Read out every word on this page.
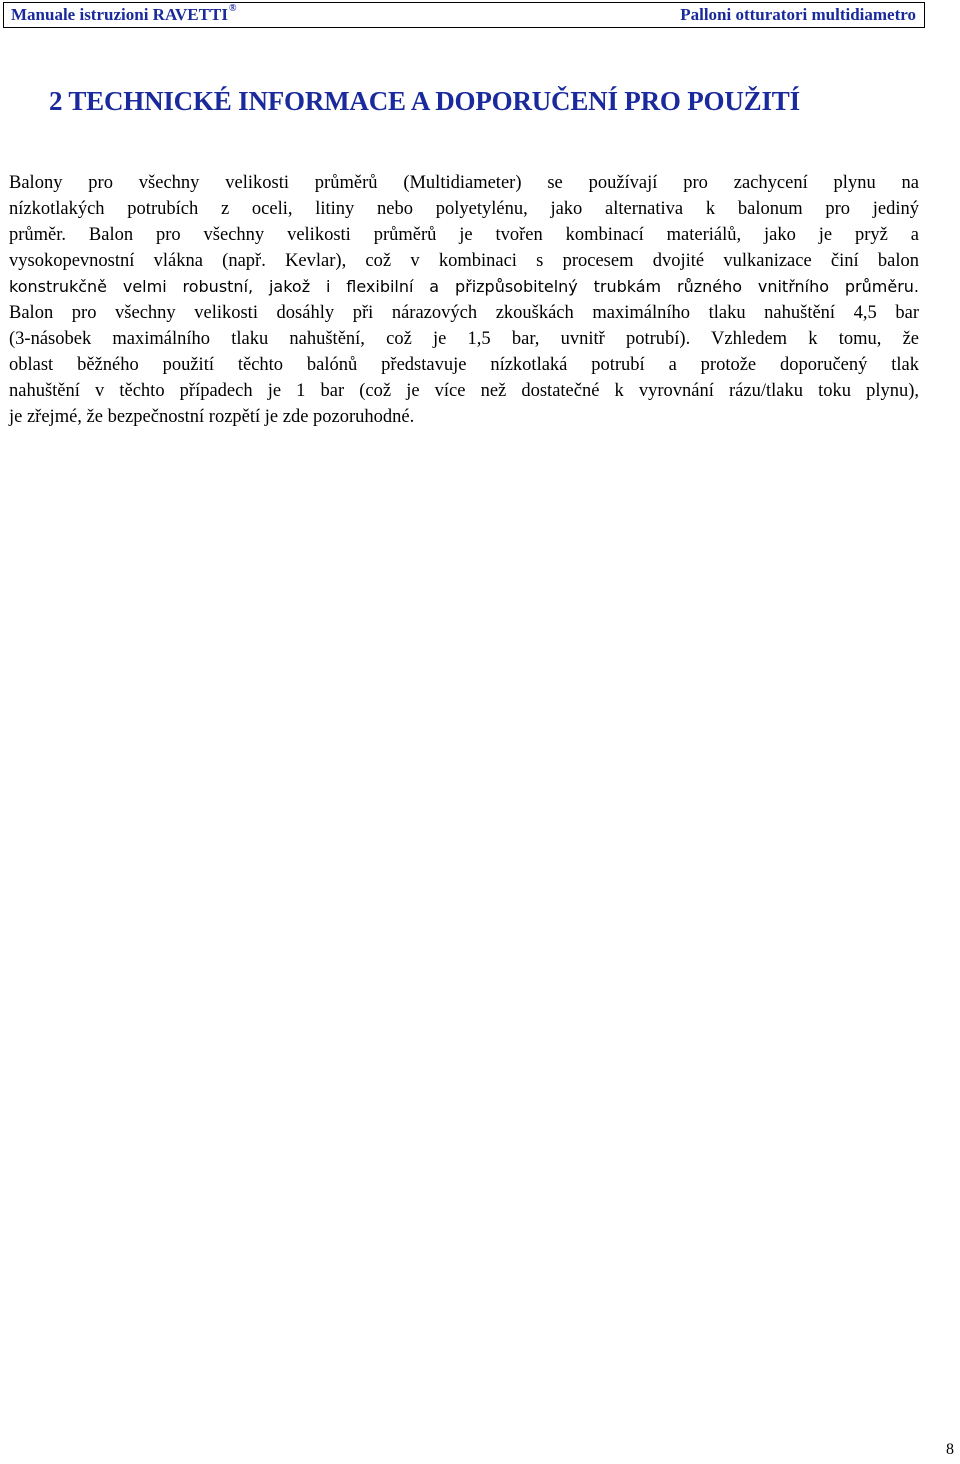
Manuale istruzioni RAVETTI®	Palloni otturatori multidiametro
2 TECHNICKÉ INFORMACE A DOPORUČENÍ PRO POUŽITÍ
Balony pro všechny velikosti průměrů (Multidiameter) se používají pro zachycení plynu na
nízkotlakých potrubích z oceli, litiny nebo polyetylénu, jako alternativa k balonum pro jediný
průměr. Balon pro všechny velikosti průměrů je tvořen kombinací materiálů, jako je pryž a
vysokopevnostní vlákna (např. Kevlar), což v kombinaci s procesem dvojité vulkanizace činí balon
konstrukčně velmi robustní, jakož i flexibilní a přizpůsobitelný trubkám různého vnitřního průměru.
Balon pro všechny velikosti dosáhly při nárazových zkouškách maximálního tlaku nahuštění 4,5 bar
(3-násobek maximálního tlaku nahuštění, což je 1,5 bar, uvnitř potrubí). Vzhledem k tomu, že
oblast běžného použití těchto balónů představuje nízkotlaká potrubí a protože doporučený tlak
nahuštění v těchto případech je 1 bar (což je více než dostatečné k vyrovnání rázu/tlaku toku plynu),
je zřejmé, že bezpečnostní rozpětí je zde pozoruhodné.
8
